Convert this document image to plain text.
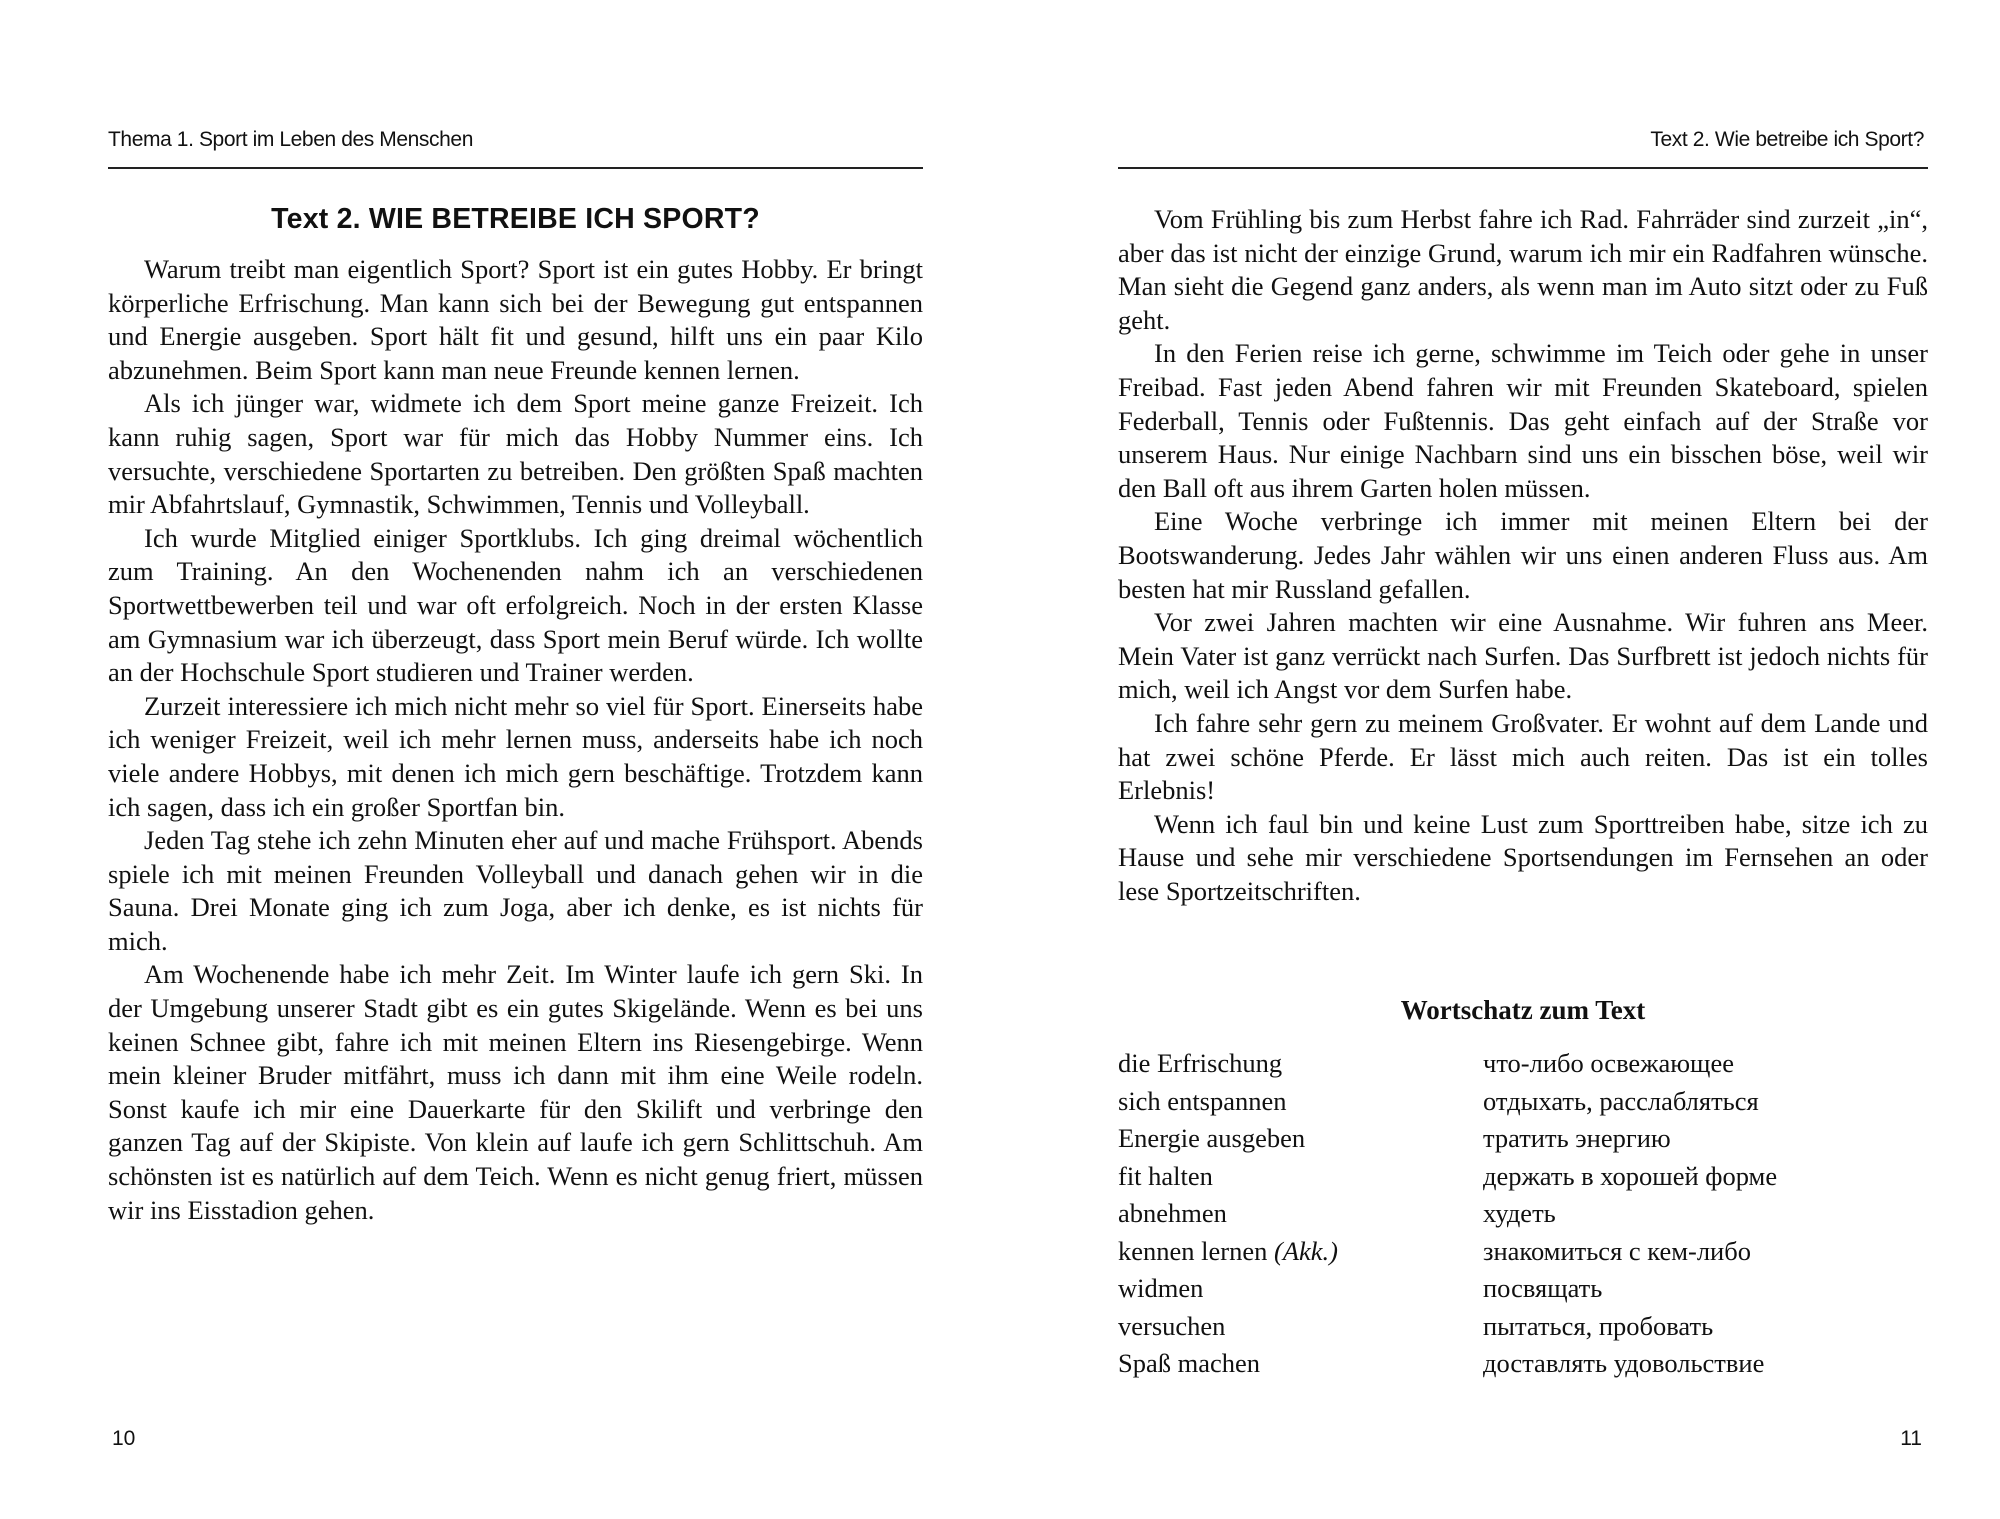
Thema 1. Sport im Leben des Menschen
Text 2. WIE BETREIBE ICH SPORT?

Warum treibt man eigentlich Sport? Sport ist ein gutes Hobby. Er bringt körperliche Erfrischung. Man kann sich bei der Bewegung gut entspannen und Energie ausgeben. Sport hält fit und gesund, hilft uns ein paar Kilo abzunehmen. Beim Sport kann man neue Freunde kennen lernen.

Als ich jünger war, widmete ich dem Sport meine ganze Freizeit. Ich kann ruhig sagen, Sport war für mich das Hobby Nummer eins. Ich versuchte, verschiedene Sportarten zu betreiben. Den größten Spaß machten mir Abfahrtslauf, Gymnastik, Schwimmen, Tennis und Volleyball.

Ich wurde Mitglied einiger Sportklubs. Ich ging dreimal wöchentlich zum Training. An den Wochenenden nahm ich an verschiedenen Sportwettbewerben teil und war oft erfolgreich. Noch in der ersten Klasse am Gymnasium war ich überzeugt, dass Sport mein Beruf würde. Ich wollte an der Hochschule Sport studieren und Trainer werden.

Zurzeit interessiere ich mich nicht mehr so viel für Sport. Einerseits habe ich weniger Freizeit, weil ich mehr lernen muss, anderseits habe ich noch viele andere Hobbys, mit denen ich mich gern beschäftige. Trotzdem kann ich sagen, dass ich ein großer Sportfan bin.

Jeden Tag stehe ich zehn Minuten eher auf und mache Frühsport. Abends spiele ich mit meinen Freunden Volleyball und danach gehen wir in die Sauna. Drei Monate ging ich zum Joga, aber ich denke, es ist nichts für mich.

Am Wochenende habe ich mehr Zeit. Im Winter laufe ich gern Ski. In der Umgebung unserer Stadt gibt es ein gutes Skigelände. Wenn es bei uns keinen Schnee gibt, fahre ich mit meinen Eltern ins Riesengebirge. Wenn mein kleiner Bruder mitfährt, muss ich dann mit ihm eine Weile rodeln. Sonst kaufe ich mir eine Dauerkarte für den Skilift und verbringe den ganzen Tag auf der Skipiste. Von klein auf laufe ich gern Schlittschuh. Am schönsten ist es natürlich auf dem Teich. Wenn es nicht genug friert, müssen wir ins Eisstadion gehen.

10
Text 2. Wie betreibe ich Sport?

Vom Frühling bis zum Herbst fahre ich Rad. Fahrräder sind zurzeit „in“, aber das ist nicht der einzige Grund, warum ich mir ein Radfahren wünsche. Man sieht die Gegend ganz anders, als wenn man im Auto sitzt oder zu Fuß geht.

In den Ferien reise ich gerne, schwimme im Teich oder gehe in unser Freibad. Fast jeden Abend fahren wir mit Freunden Skateboard, spielen Federball, Tennis oder Fußtennis. Das geht einfach auf der Straße vor unserem Haus. Nur einige Nachbarn sind uns ein bisschen böse, weil wir den Ball oft aus ihrem Garten holen müssen.

Eine Woche verbringe ich immer mit meinen Eltern bei der Bootswanderung. Jedes Jahr wählen wir uns einen anderen Fluss aus. Am besten hat mir Russland gefallen.

Vor zwei Jahren machten wir eine Ausnahme. Wir fuhren ans Meer. Mein Vater ist ganz verrückt nach Surfen. Das Surfbrett ist jedoch nichts für mich, weil ich Angst vor dem Surfen habe.

Ich fahre sehr gern zu meinem Großvater. Er wohnt auf dem Lande und hat zwei schöne Pferde. Er lässt mich auch reiten. Das ist ein tolles Erlebnis!

Wenn ich faul bin und keine Lust zum Sporttreiben habe, sitze ich zu Hause und sehe mir verschiedene Sportsendungen im Fernsehen an oder lese Sportzeitschriften.

Wortschatz zum Text
die Erfrischung	что-либо освежающее
sich entspannen	отдыхать, расслабляться
Energie ausgeben	тратить энергию
fit halten	держать в хорошей форме
abnehmen	худеть
kennen lernen (Akk.)	знакомиться с кем-либо
widmen	посвящать
versuchen	пытаться, пробовать
Spaß machen	доставлять удовольствие
11
